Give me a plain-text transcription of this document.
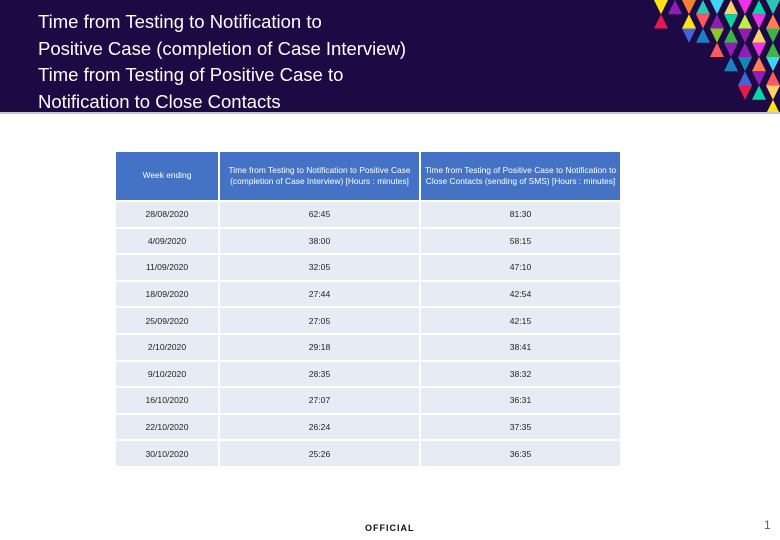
Time from Testing to Notification to
Positive Case (completion of Case Interview)
Time from Testing of Positive Case to
Notification to Close Contacts
Week ending	Time from Testing to Notification to Positive Case (completion of Case Interview) [Hours : minutes]	Time from Testing of Positive Case to Notification to Close Contacts (sending of SMS) [Hours : minutes]
28/08/2020	62:45	81:30
4/09/2020	38:00	58:15
11/09/2020	32:05	47:10
18/09/2020	27:44	42:54
25/09/2020	27:05	42:15
2/10/2020	29:18	38:41
9/10/2020	28:35	38:32
16/10/2020	27:07	36:31
22/10/2020	26:24	37:35
30/10/2020	25:26	36:35
OFFICIAL	1
